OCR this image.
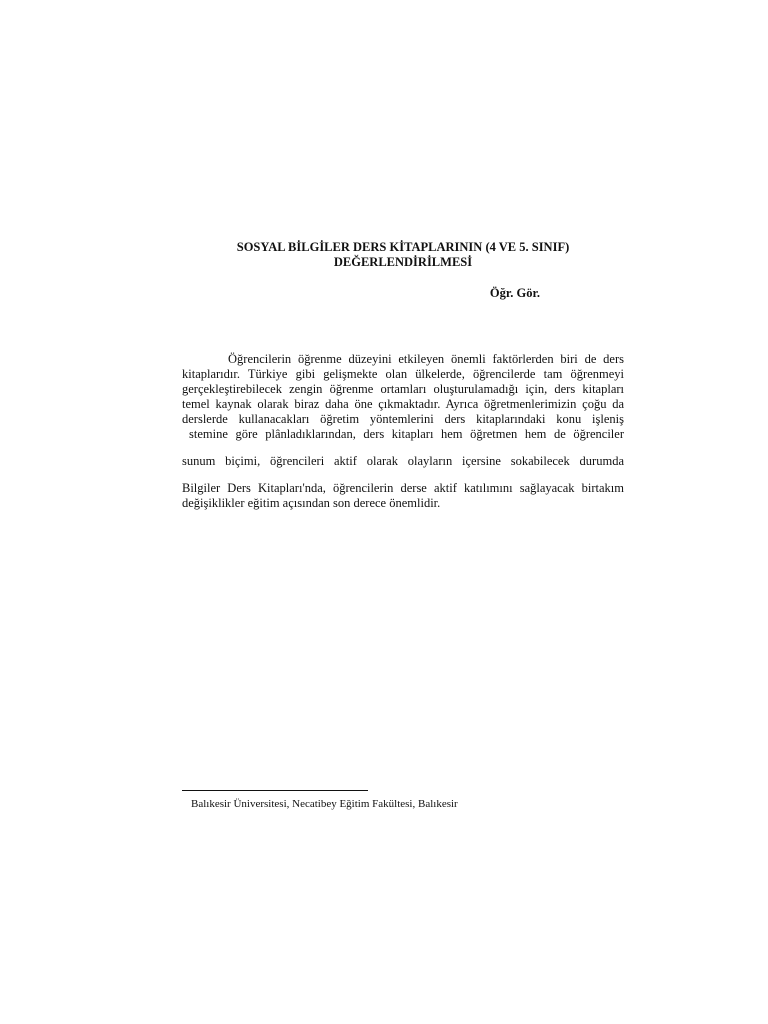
SOSYAL BİLGİLER DERS KİTAPLARININ (4 VE 5. SINIF)
DEĞERLENDİRİLMESİ
Öğr. Gör.
Öğrencilerin öğrenme düzeyini etkileyen önemli faktörlerden biri de ders
kitaplarıdır. Türkiye gibi gelişmekte olan ülkelerde, öğrencilerde tam öğrenmeyi
gerçekleştirebilecek zengin öğrenme ortamları oluşturulamadığı için, ders kitapları
temel kaynak olarak biraz daha öne çıkmaktadır. Ayrıca öğretmenlerimizin çoğu da
derslerde kullanacakları öğretim yöntemlerini ders kitaplarındaki konu işleniş
stemine göre plânladıklarından, ders kitapları hem öğretmen hem de öğrenciler
sunum biçimi, öğrencileri aktif olarak olayların içersine sokabilecek durumda
Bilgiler Ders Kitapları'nda, öğrencilerin derse aktif katılımını sağlayacak birtakım
değişiklikler eğitim açısından son derece önemlidir.
Balıkesir Üniversitesi, Necatibey Eğitim Fakültesi, Balıkesir
